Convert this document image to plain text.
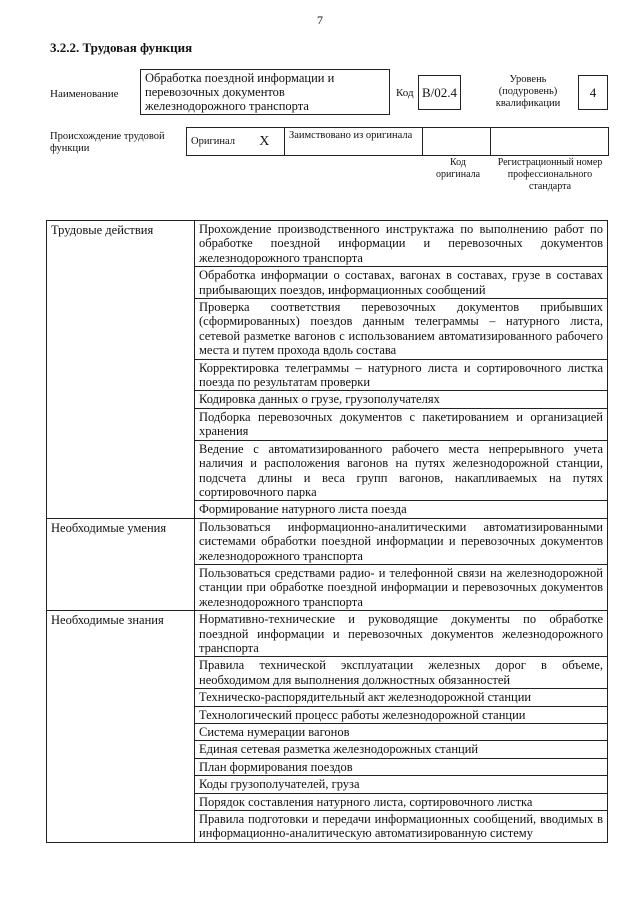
7
3.2.2. Трудовая функция
Наименование
Обработка поездной информации и перевозочных документов железнодорожного транспорта
Код В/02.4
Уровень (подуровень) квалификации
4
Происхождение трудовой функции
Оригинал	X	Заимствовано из оригинала		
Код оригинала
Регистрационный номер профессионального стандарта
Трудовые действия	Прохождение производственного инструктажа по выполнению работ по обработке поездной информации и перевозочных документов железнодорожного транспорта
	Обработка информации о составах, вагонах в составах, грузе в составах прибывающих поездов, информационных сообщений
	Проверка соответствия перевозочных документов прибывших (сформированных) поездов данным телеграммы – натурного листа, сетевой разметке вагонов с использованием автоматизированного рабочего места и путем прохода вдоль состава
	Корректировка телеграммы – натурного листа и сортировочного листка поезда по результатам проверки
	Кодировка данных о грузе, грузополучателях
	Подборка перевозочных документов с пакетированием и организацией хранения
	Ведение с автоматизированного рабочего места непрерывного учета наличия и расположения вагонов на путях железнодорожной станции, подсчета длины и веса групп вагонов, накапливаемых на путях сортировочного парка
	Формирование натурного листа поезда
Необходимые умения	Пользоваться информационно-аналитическими автоматизированными системами обработки поездной информации и перевозочных документов железнодорожного транспорта
	Пользоваться средствами радио- и телефонной связи на железнодорожной станции при обработке поездной информации и перевозочных документов железнодорожного транспорта
Необходимые знания	Нормативно-технические и руководящие документы по обработке поездной информации и перевозочных документов железнодорожного транспорта
	Правила технической эксплуатации железных дорог в объеме, необходимом для выполнения должностных обязанностей
	Техническо-распорядительный акт железнодорожной станции
	Технологический процесс работы железнодорожной станции
	Система нумерации вагонов
	Единая сетевая разметка железнодорожных станций
	План формирования поездов
	Коды грузополучателей, груза
	Порядок составления натурного листа, сортировочного листка
	Правила подготовки и передачи информационных сообщений, вводимых в информационно-аналитическую автоматизированную систему
